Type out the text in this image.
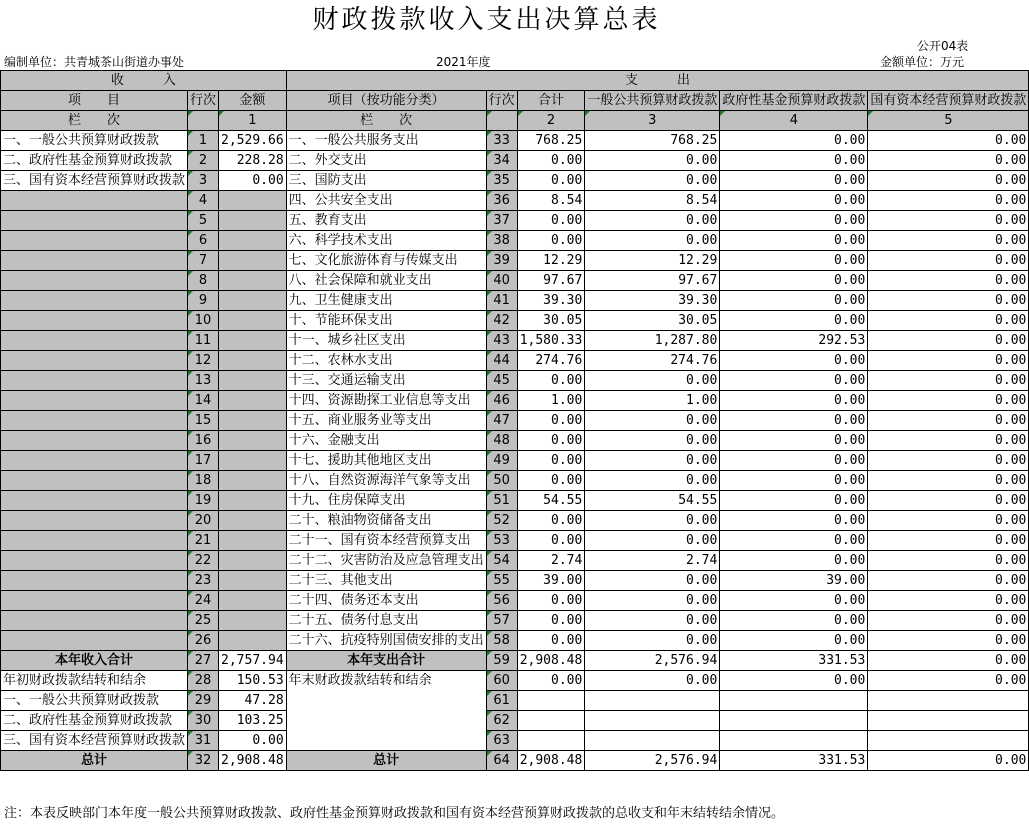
财政拨款收入支出决算总表
公开04表
编制单位：共青城茶山街道办事处	2021年度	金额单位：万元
收　　　入			支　　　出					
项　　目	行次	金额	项目（按功能分类）	行次	合计	一般公共预算财政拨款	政府性基金预算财政拨款	国有资本经营预算财政拨款
栏　　次		1	栏　　次		2	3	4	5
一、一般公共预算财政拨款	1	2,529.66	一、一般公共服务支出	33	768.25	768.25	0.00	0.00
二、政府性基金预算财政拨款	2	228.28	二、外交支出	34	0.00	0.00	0.00	0.00
三、国有资本经营预算财政拨款	3	0.00	三、国防支出	35	0.00	0.00	0.00	0.00
	4		四、公共安全支出	36	8.54	8.54	0.00	0.00
	5		五、教育支出	37	0.00	0.00	0.00	0.00
	6		六、科学技术支出	38	0.00	0.00	0.00	0.00
	7		七、文化旅游体育与传媒支出	39	12.29	12.29	0.00	0.00
	8		八、社会保障和就业支出	40	97.67	97.67	0.00	0.00
	9		九、卫生健康支出	41	39.30	39.30	0.00	0.00
	10		十、节能环保支出	42	30.05	30.05	0.00	0.00
	11		十一、城乡社区支出	43	1,580.33	1,287.80	292.53	0.00
	12		十二、农林水支出	44	274.76	274.76	0.00	0.00
	13		十三、交通运输支出	45	0.00	0.00	0.00	0.00
	14		十四、资源勘探工业信息等支出	46	1.00	1.00	0.00	0.00
	15		十五、商业服务业等支出	47	0.00	0.00	0.00	0.00
	16		十六、金融支出	48	0.00	0.00	0.00	0.00
	17		十七、援助其他地区支出	49	0.00	0.00	0.00	0.00
	18		十八、自然资源海洋气象等支出	50	0.00	0.00	0.00	0.00
	19		十九、住房保障支出	51	54.55	54.55	0.00	0.00
	20		二十、粮油物资储备支出	52	0.00	0.00	0.00	0.00
	21		二十一、国有资本经营预算支出	53	0.00	0.00	0.00	0.00
	22		二十二、灾害防治及应急管理支出	54	2.74	2.74	0.00	0.00
	23		二十三、其他支出	55	39.00	0.00	39.00	0.00
	24		二十四、债务还本支出	56	0.00	0.00	0.00	0.00
	25		二十五、债务付息支出	57	0.00	0.00	0.00	0.00
	26		二十六、抗疫特别国债安排的支出	58	0.00	0.00	0.00	0.00
本年收入合计	27	2,757.94	本年支出合计	59	2,908.48	2,576.94	331.53	0.00
年初财政拨款结转和结余	28	150.53	年末财政拨款结转和结余	60	0.00	0.00	0.00	0.00
一、一般公共预算财政拨款	29	47.28		61				
二、政府性基金预算财政拨款	30	103.25		62				
三、国有资本经营预算财政拨款	31	0.00		63				
总计	32	2,908.48	总计	64	2,908.48	2,576.94	331.53	0.00
注：本表反映部门本年度一般公共预算财政拨款、政府性基金预算财政拨款和国有资本经营预算财政拨款的总收支和年末结转结余情况。
